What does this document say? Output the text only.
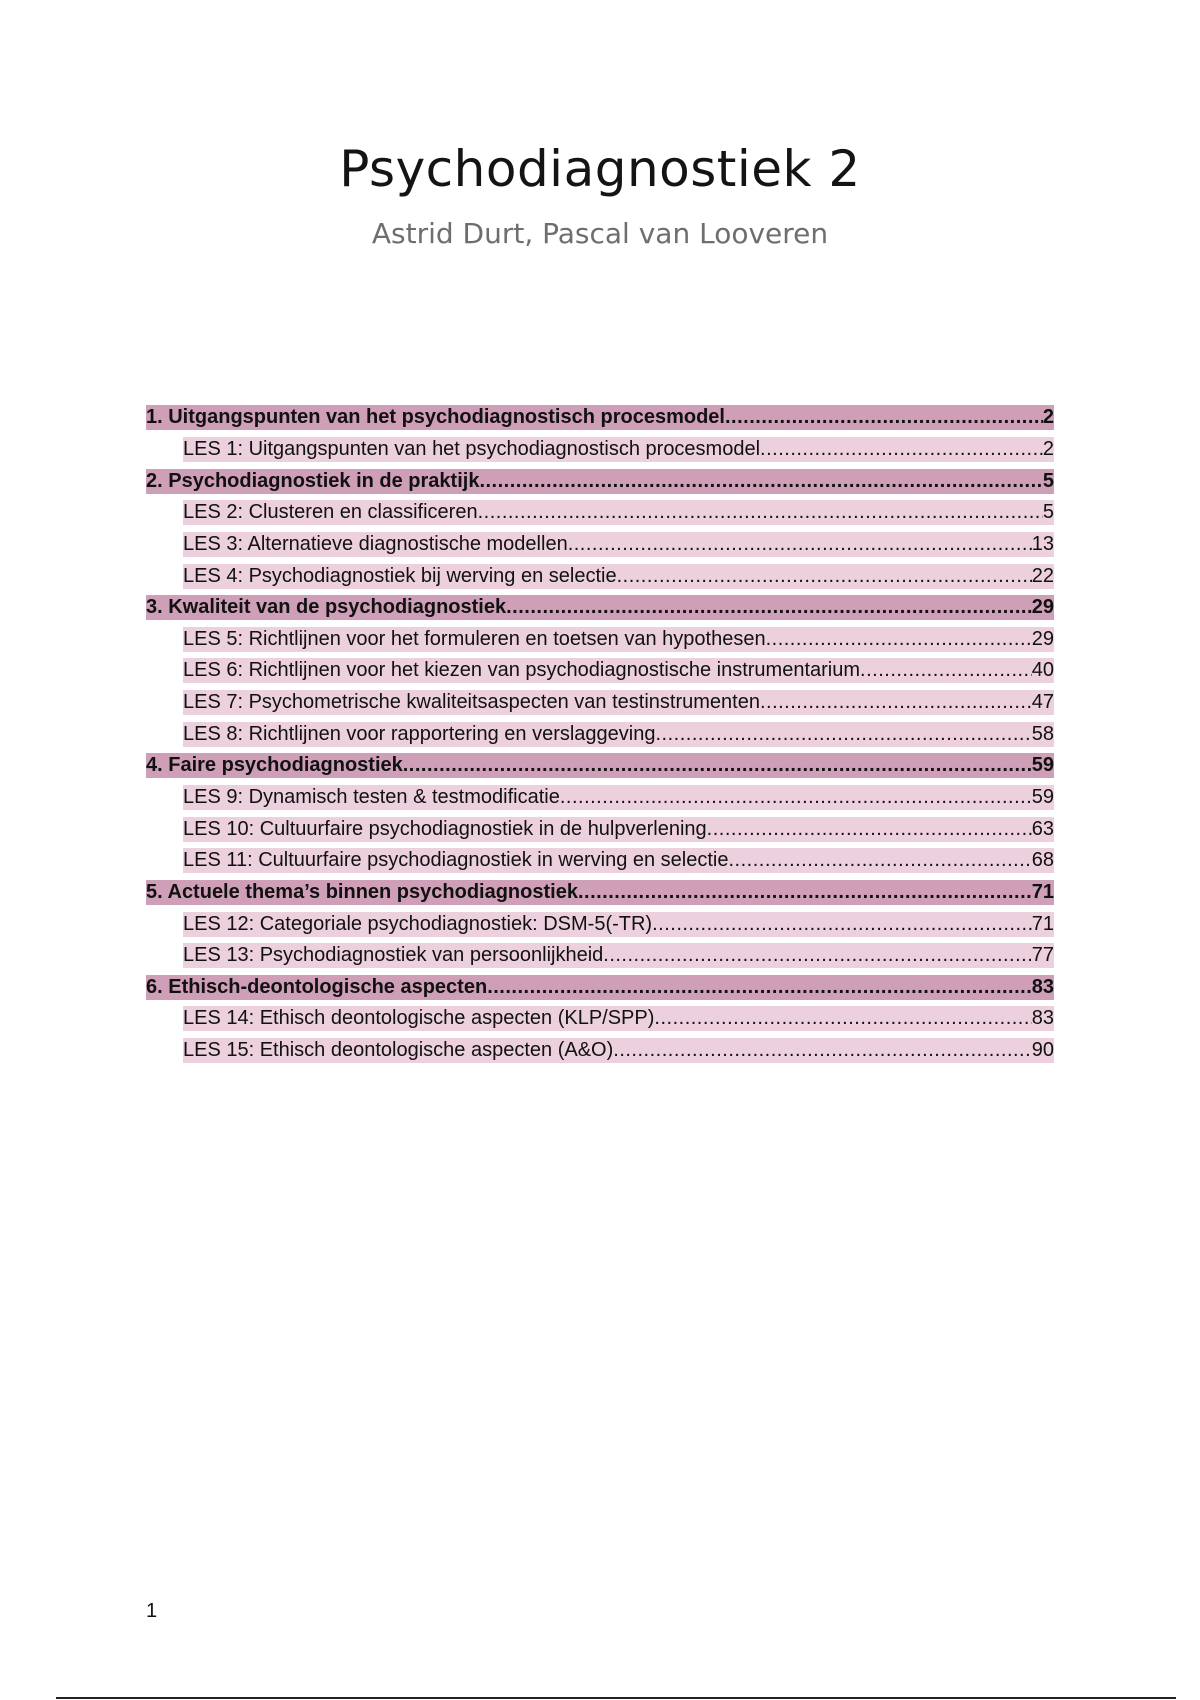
Psychodiagnostiek 2
Astrid Durt, Pascal van Looveren
1. Uitgangspunten van het psychodiagnostisch procesmodel .....	2
LES 1: Uitgangspunten van het psychodiagnostisch procesmodel .....	2
2. Psychodiagnostiek in de praktijk .....	5
LES 2: Clusteren en classificeren .....	5
LES 3: Alternatieve diagnostische modellen .....	13
LES 4: Psychodiagnostiek bij werving en selectie .....	22
3. Kwaliteit van de psychodiagnostiek .....	29
LES 5: Richtlijnen voor het formuleren en toetsen van hypothesen .....	29
LES 6: Richtlijnen voor het kiezen van psychodiagnostische instrumentarium .....	40
LES 7: Psychometrische kwaliteitsaspecten van testinstrumenten .....	47
LES 8: Richtlijnen voor rapportering en verslaggeving .....	58
4. Faire psychodiagnostiek .....	59
LES 9: Dynamisch testen & testmodificatie .....	59
LES 10: Cultuurfaire psychodiagnostiek in de hulpverlening .....	63
LES 11: Cultuurfaire psychodiagnostiek in werving en selectie .....	68
5. Actuele thema’s binnen psychodiagnostiek .....	71
LES 12: Categoriale psychodiagnostiek: DSM-5(-TR) .....	71
LES 13: Psychodiagnostiek van persoonlijkheid .....	77
6. Ethisch-deontologische aspecten .....	83
LES 14: Ethisch deontologische aspecten (KLP/SPP) .....	83
LES 15: Ethisch deontologische aspecten (A&O) .....	90
1
